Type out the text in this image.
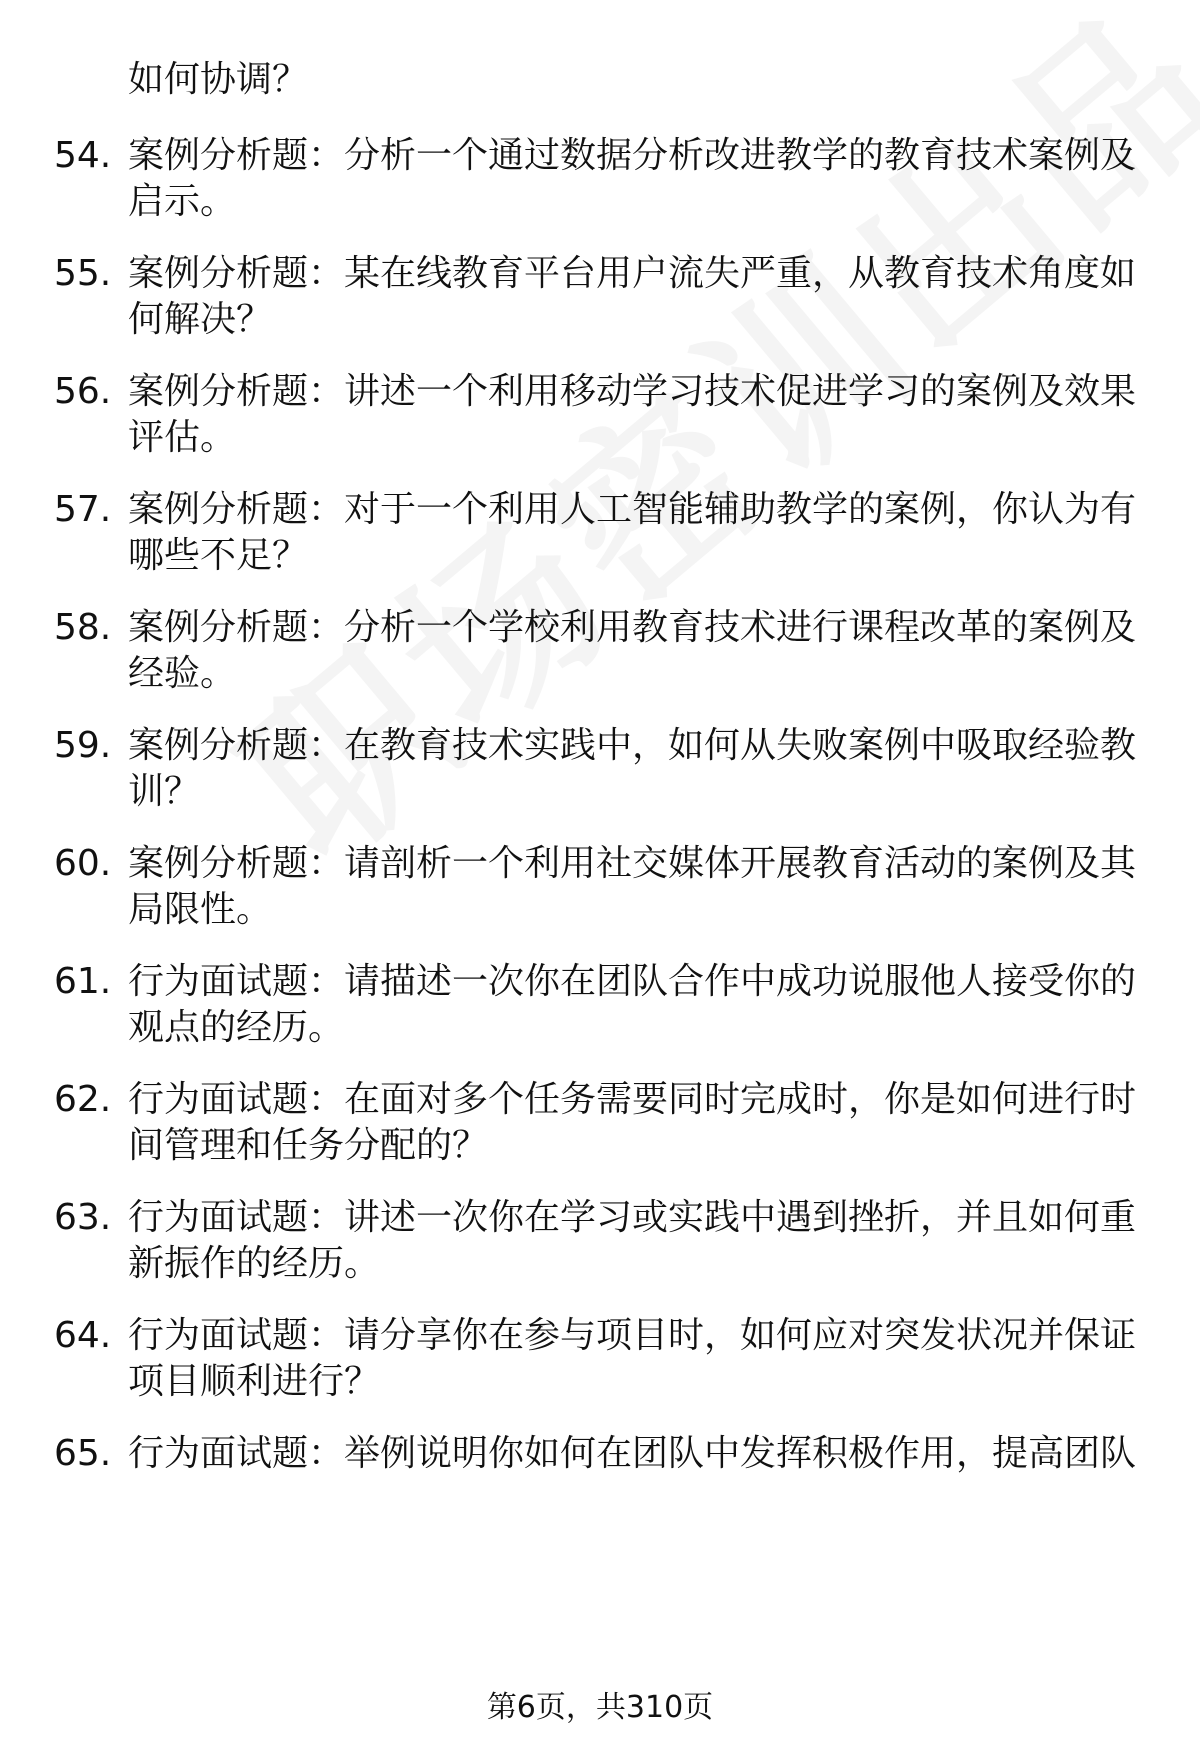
如何协调？
54. 案例分析题：分析一个通过数据分析改进教学的教育技术案例及
启示。
55. 案例分析题：某在线教育平台用户流失严重，从教育技术角度如
何解决？
56. 案例分析题：讲述一个利用移动学习技术促进学习的案例及效果
评估。
57. 案例分析题：对于一个利用人工智能辅助教学的案例，你认为有
哪些不足？
58. 案例分析题：分析一个学校利用教育技术进行课程改革的案例及
经验。
59. 案例分析题：在教育技术实践中，如何从失败案例中吸取经验教
训？
60. 案例分析题：请剖析一个利用社交媒体开展教育活动的案例及其
局限性。
61. 行为面试题：请描述一次你在团队合作中成功说服他人接受你的
观点的经历。
62. 行为面试题：在面对多个任务需要同时完成时，你是如何进行时
间管理和任务分配的？
63. 行为面试题：讲述一次你在学习或实践中遇到挫折，并且如何重
新振作的经历。
64. 行为面试题：请分享你在参与项目时，如何应对突发状况并保证
项目顺利进行？
65. 行为面试题：举例说明你如何在团队中发挥积极作用，提高团队
第6页，共310页
